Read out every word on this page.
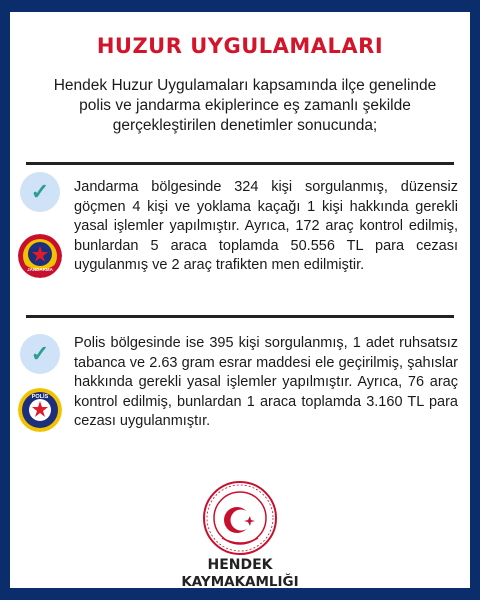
HUZUR UYGULAMALARI
Hendek Huzur Uygulamaları kapsamında ilçe genelinde polis ve jandarma ekiplerince eş zamanlı şekilde gerçekleştirilen denetimler sonucunda;
✓
JANDARMA
Jandarma bölgesinde 324 kişi sorgulanmış, düzensiz göçmen 4 kişi ve yoklama kaçağı 1 kişi hakkında gerekli yasal işlemler yapılmıştır. Ayrıca, 172 araç kontrol edilmiş, bunlardan 5 araca toplamda 50.556 TL para cezası uygulanmış ve 2 araç trafikten men edilmiştir.
✓
POLİS
Polis bölgesinde ise 395 kişi sorgulanmış, 1 adet ruhsatsız tabanca ve 2.63 gram esrar maddesi ele geçirilmiş, şahıslar hakkında gerekli yasal işlemler yapılmıştır. Ayrıca, 76 araç kontrol edilmiş, bunlardan 1 araca toplamda 3.160 TL para cezası uygulanmıştır.
HENDEK
KAYMAKAMLIĞI
